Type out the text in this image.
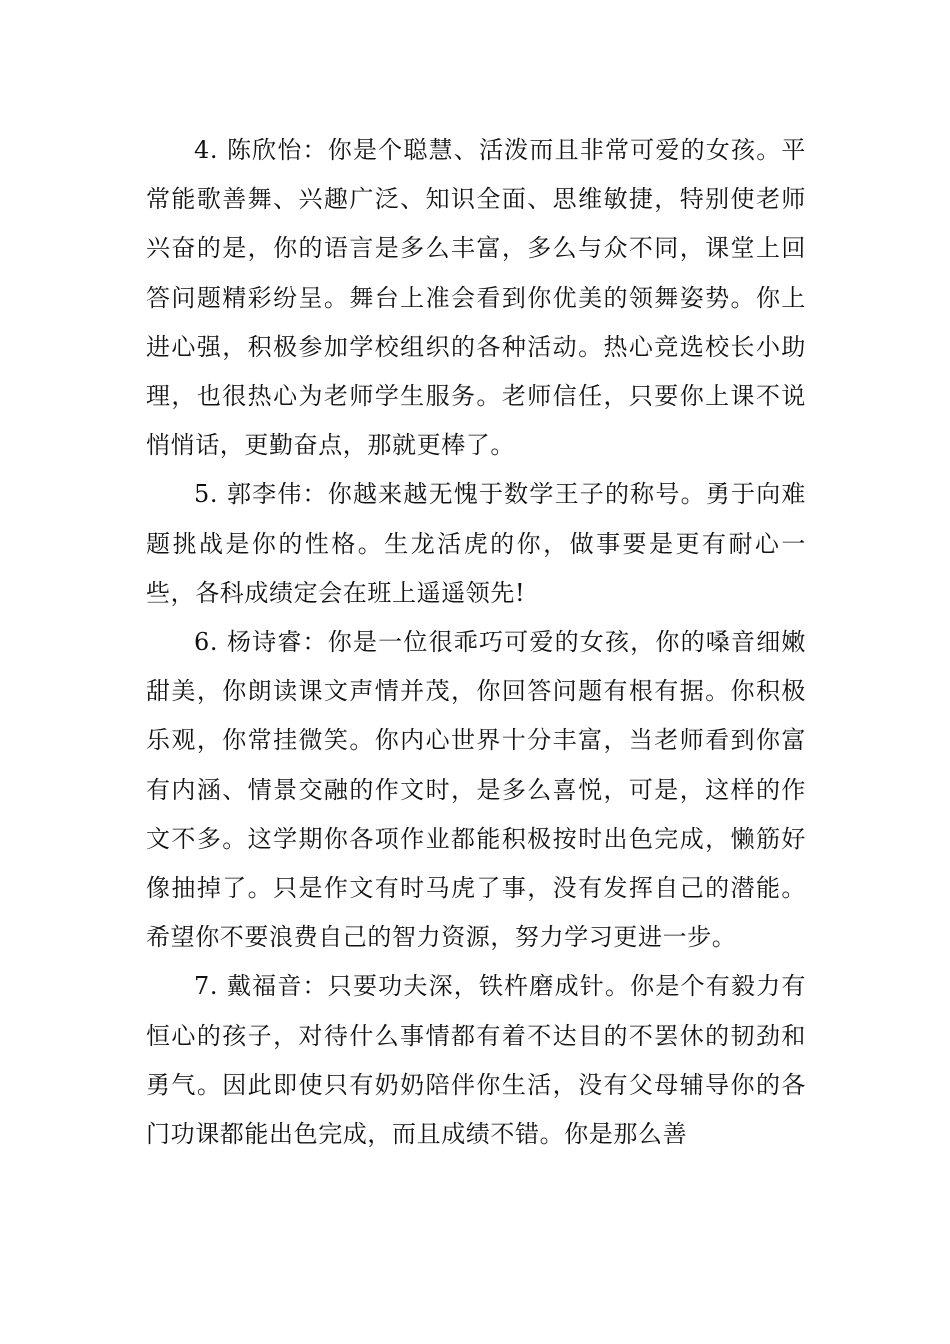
4. 陈欣怡：你是个聪慧、活泼而且非常可爱的女孩。平常能歌善舞、兴趣广泛、知识全面、思维敏捷，特别使老师兴奋的是，你的语言是多么丰富，多么与众不同，课堂上回答问题精彩纷呈。舞台上准会看到你优美的领舞姿势。你上进心强，积极参加学校组织的各种活动。热心竞选校长小助理，也很热心为老师学生服务。老师信任，只要你上课不说悄悄话，更勤奋点，那就更棒了。

5. 郭李伟：你越来越无愧于数学王子的称号。勇于向难题挑战是你的性格。生龙活虎的你，做事要是更有耐心一些，各科成绩定会在班上遥遥领先!

6. 杨诗睿：你是一位很乖巧可爱的女孩，你的嗓音细嫩甜美，你朗读课文声情并茂，你回答问题有根有据。你积极乐观，你常挂微笑。你内心世界十分丰富，当老师看到你富有内涵、情景交融的作文时，是多么喜悦，可是，这样的作文不多。这学期你各项作业都能积极按时出色完成，懒筋好像抽掉了。只是作文有时马虎了事，没有发挥自己的潜能。希望你不要浪费自己的智力资源，努力学习更进一步。

7. 戴福音：只要功夫深，铁杵磨成针。你是个有毅力有恒心的孩子，对待什么事情都有着不达目的不罢休的韧劲和勇气。因此即使只有奶奶陪伴你生活，没有父母辅导你的各门功课都能出色完成，而且成绩不错。你是那么善
